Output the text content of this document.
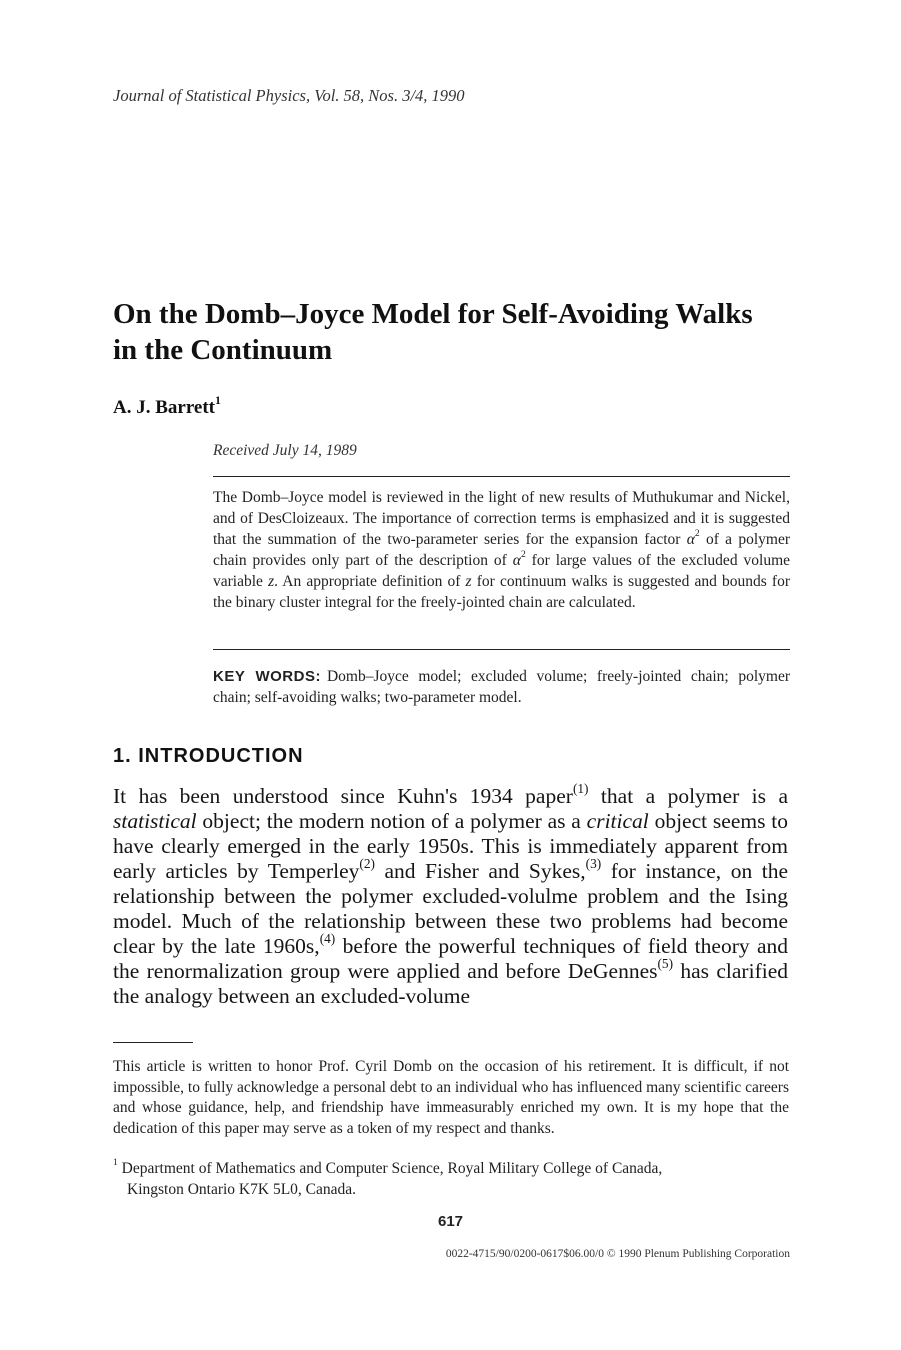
Journal of Statistical Physics, Vol. 58, Nos. 3/4, 1990
On the Domb–Joyce Model for Self-Avoiding Walks
in the Continuum
A. J. Barrett$^1$
Received July 14, 1989
The Domb–Joyce model is reviewed in the light of new results of Muthukumar and Nickel, and of DesCloizeaux. The importance of correction terms is emphasized and it is suggested that the summation of the two-parameter series for the expansion factor $\alpha^2$ of a polymer chain provides only part of the description of $\alpha^2$ for large values of the excluded volume variable z. An appropriate definition of z for continuum walks is suggested and bounds for the binary cluster integral for the freely-jointed chain are calculated.
KEY WORDS: Domb–Joyce model; excluded volume; freely-jointed chain; polymer chain; self-avoiding walks; two-parameter model.
1. INTRODUCTION
It has been understood since Kuhn's 1934 paper$^{(1)}$ that a polymer is a statistical object; the modern notion of a polymer as a critical object seems to have clearly emerged in the early 1950s. This is immediately apparent from early articles by Temperley$^{(2)}$ and Fisher and Sykes,$^{(3)}$ for instance, on the relationship between the polymer excluded-volulme problem and the Ising model. Much of the relationship between these two problems had become clear by the late 1960s,$^{(4)}$ before the powerful techniques of field theory and the renormalization group were applied and before DeGennes$^{(5)}$ has clarified the analogy between an excluded-volume
This article is written to honor Prof. Cyril Domb on the occasion of his retirement. It is difficult, if not impossible, to fully acknowledge a personal debt to an individual who has influenced many scientific careers and whose guidance, help, and friendship have immeasurably enriched my own. It is my hope that the dedication of this paper may serve as a token of my respect and thanks.
$^1$ Department of Mathematics and Computer Science, Royal Military College of Canada,
Kingston Ontario K7K 5L0, Canada.
617
0022-4715/90/0200-0617$06.00/0 © 1990 Plenum Publishing Corporation
